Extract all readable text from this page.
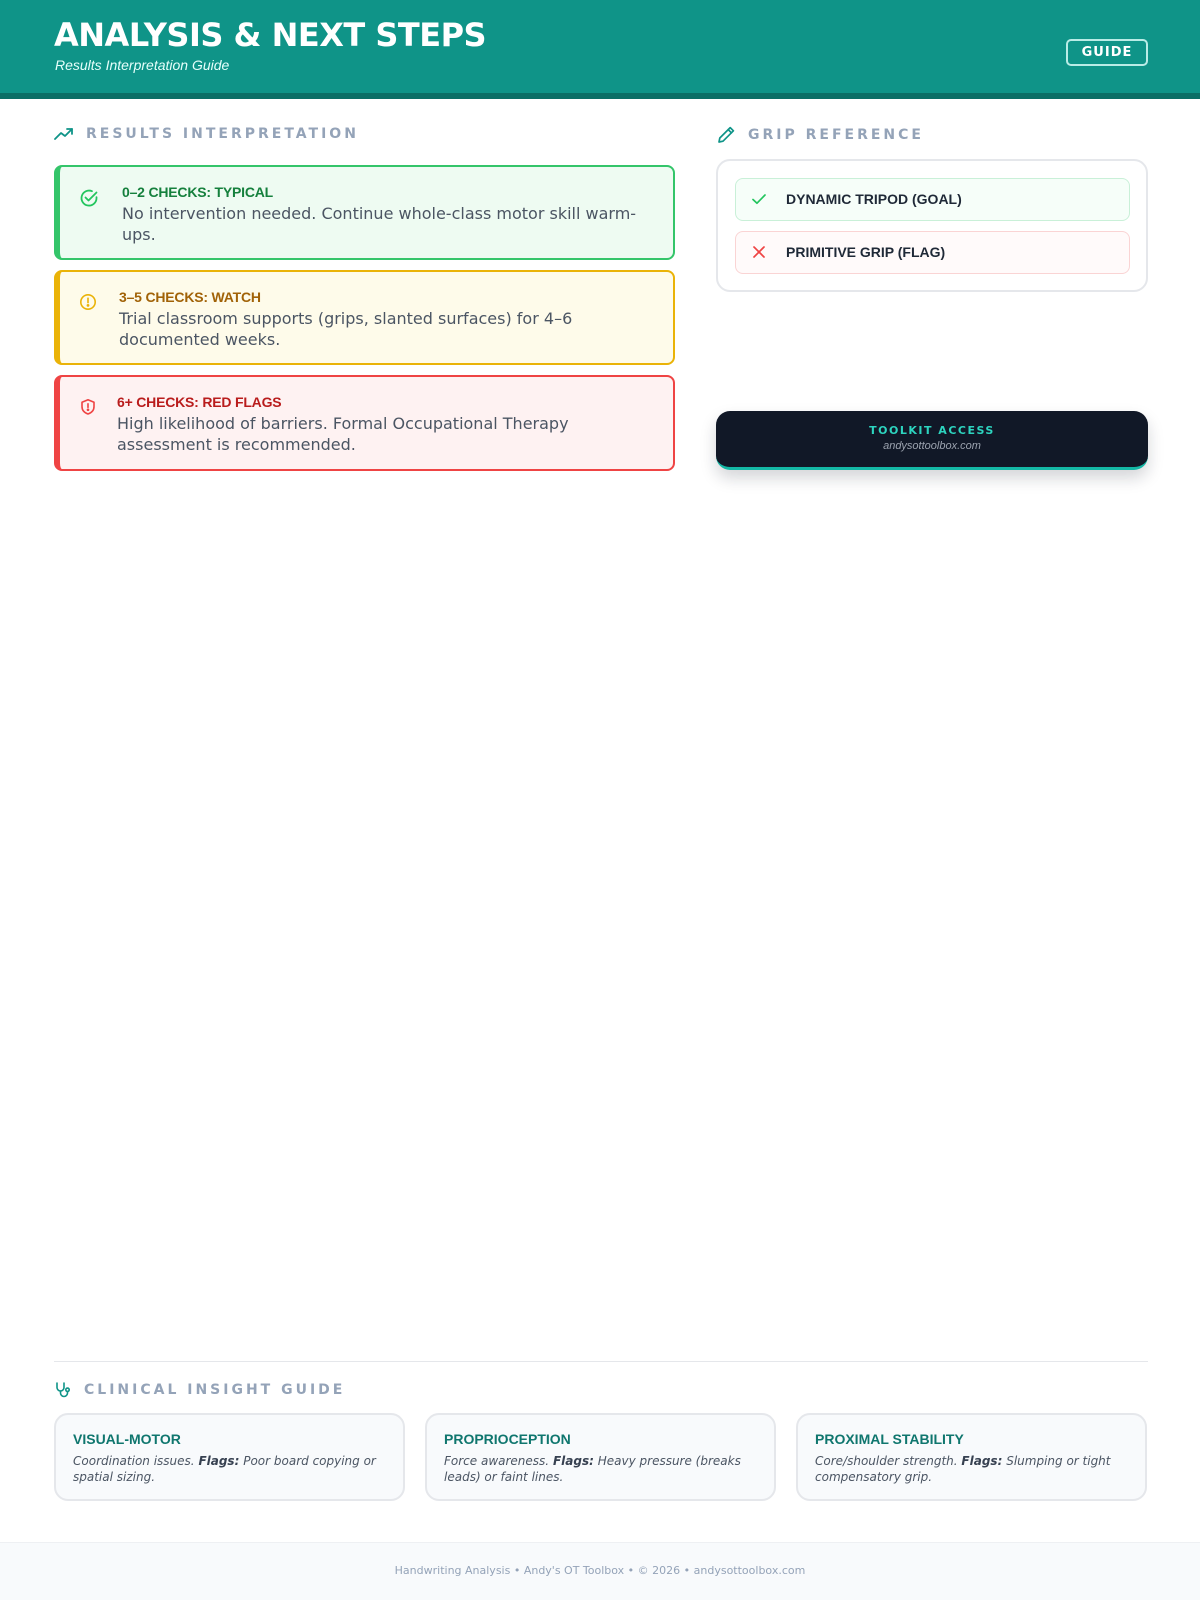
ANALYSIS & NEXT STEPS
Results Interpretation Guide
GUIDE
RESULTS INTERPRETATION
0–2 CHECKS: TYPICAL
No intervention needed. Continue whole-class motor skill warm-ups.
3–5 CHECKS: WATCH
Trial classroom supports (grips, slanted surfaces) for 4–6 documented weeks.
6+ CHECKS: RED FLAGS
High likelihood of barriers. Formal Occupational Therapy assessment is recommended.
GRIP REFERENCE
DYNAMIC TRIPOD (GOAL)
PRIMITIVE GRIP (FLAG)
TOOLKIT ACCESS
andysottoolbox.com
CLINICAL INSIGHT GUIDE
VISUAL-MOTOR
Coordination issues. Flags: Poor board copying or spatial sizing.
PROPRIOCEPTION
Force awareness. Flags: Heavy pressure (breaks leads) or faint lines.
PROXIMAL STABILITY
Core/shoulder strength. Flags: Slumping or tight compensatory grip.
Handwriting Analysis • Andy's OT Toolbox • © 2026 • andysottoolbox.com
